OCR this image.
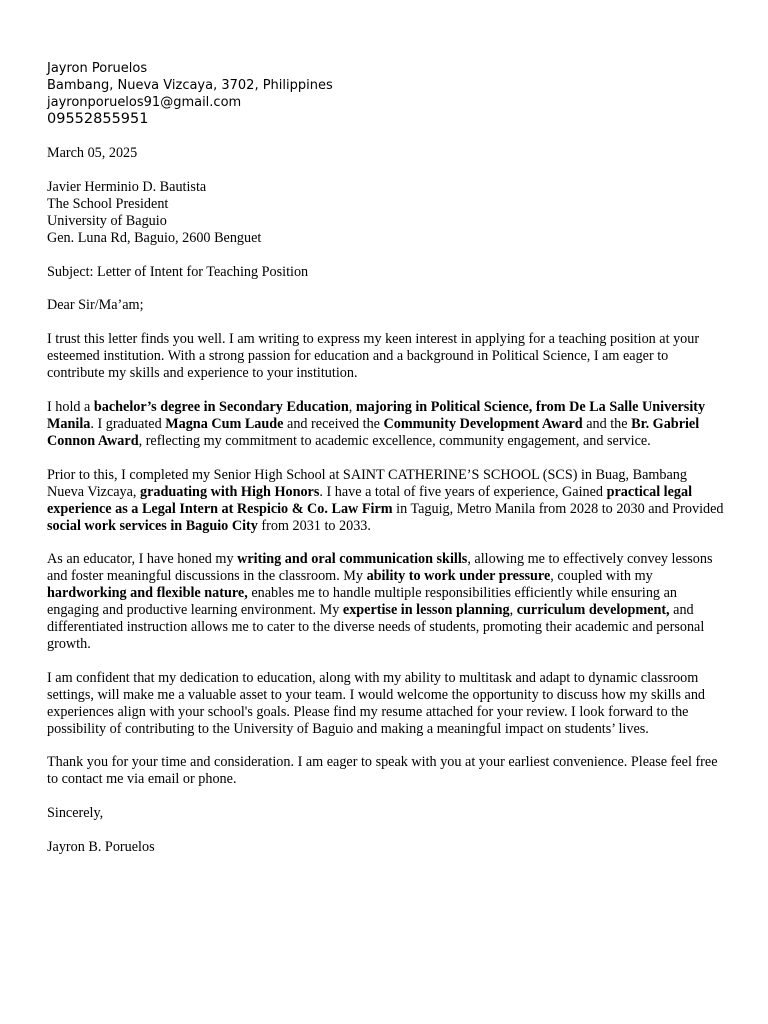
Jayron Poruelos
Bambang, Nueva Vizcaya, 3702, Philippines
jayronporuelos91@gmail.com
09552855951
March 05, 2025
Javier Herminio D. Bautista
The School President
University of Baguio
Gen. Luna Rd, Baguio, 2600 Benguet
Subject: Letter of Intent for Teaching Position
Dear Sir/Ma’am;

I trust this letter finds you well. I am writing to express my keen interest in applying for a teaching position at your esteemed institution. With a strong passion for education and a background in Political Science, I am eager to contribute my skills and experience to your institution.

I hold a bachelor’s degree in Secondary Education, majoring in Political Science, from De La Salle University Manila. I graduated Magna Cum Laude and received the Community Development Award and the Br. Gabriel Connon Award, reflecting my commitment to academic excellence, community engagement, and service.

Prior to this, I completed my Senior High School at SAINT CATHERINE’S SCHOOL (SCS) in Buag, Bambang Nueva Vizcaya, graduating with High Honors. I have a total of five years of experience, Gained practical legal experience as a Legal Intern at Respicio & Co. Law Firm in Taguig, Metro Manila from 2028 to 2030 and Provided social work services in Baguio City from 2031 to 2033.

As an educator, I have honed my writing and oral communication skills, allowing me to effectively convey lessons and foster meaningful discussions in the classroom. My ability to work under pressure, coupled with my hardworking and flexible nature, enables me to handle multiple responsibilities efficiently while ensuring an engaging and productive learning environment. My expertise in lesson planning, curriculum development, and differentiated instruction allows me to cater to the diverse needs of students, promoting their academic and personal growth.

I am confident that my dedication to education, along with my ability to multitask and adapt to dynamic classroom settings, will make me a valuable asset to your team. I would welcome the opportunity to discuss how my skills and experiences align with your school's goals. Please find my resume attached for your review. I look forward to the possibility of contributing to the University of Baguio and making a meaningful impact on students’ lives.

Thank you for your time and consideration. I am eager to speak with you at your earliest convenience. Please feel free to contact me via email or phone.

Sincerely,

Jayron B. Poruelos
